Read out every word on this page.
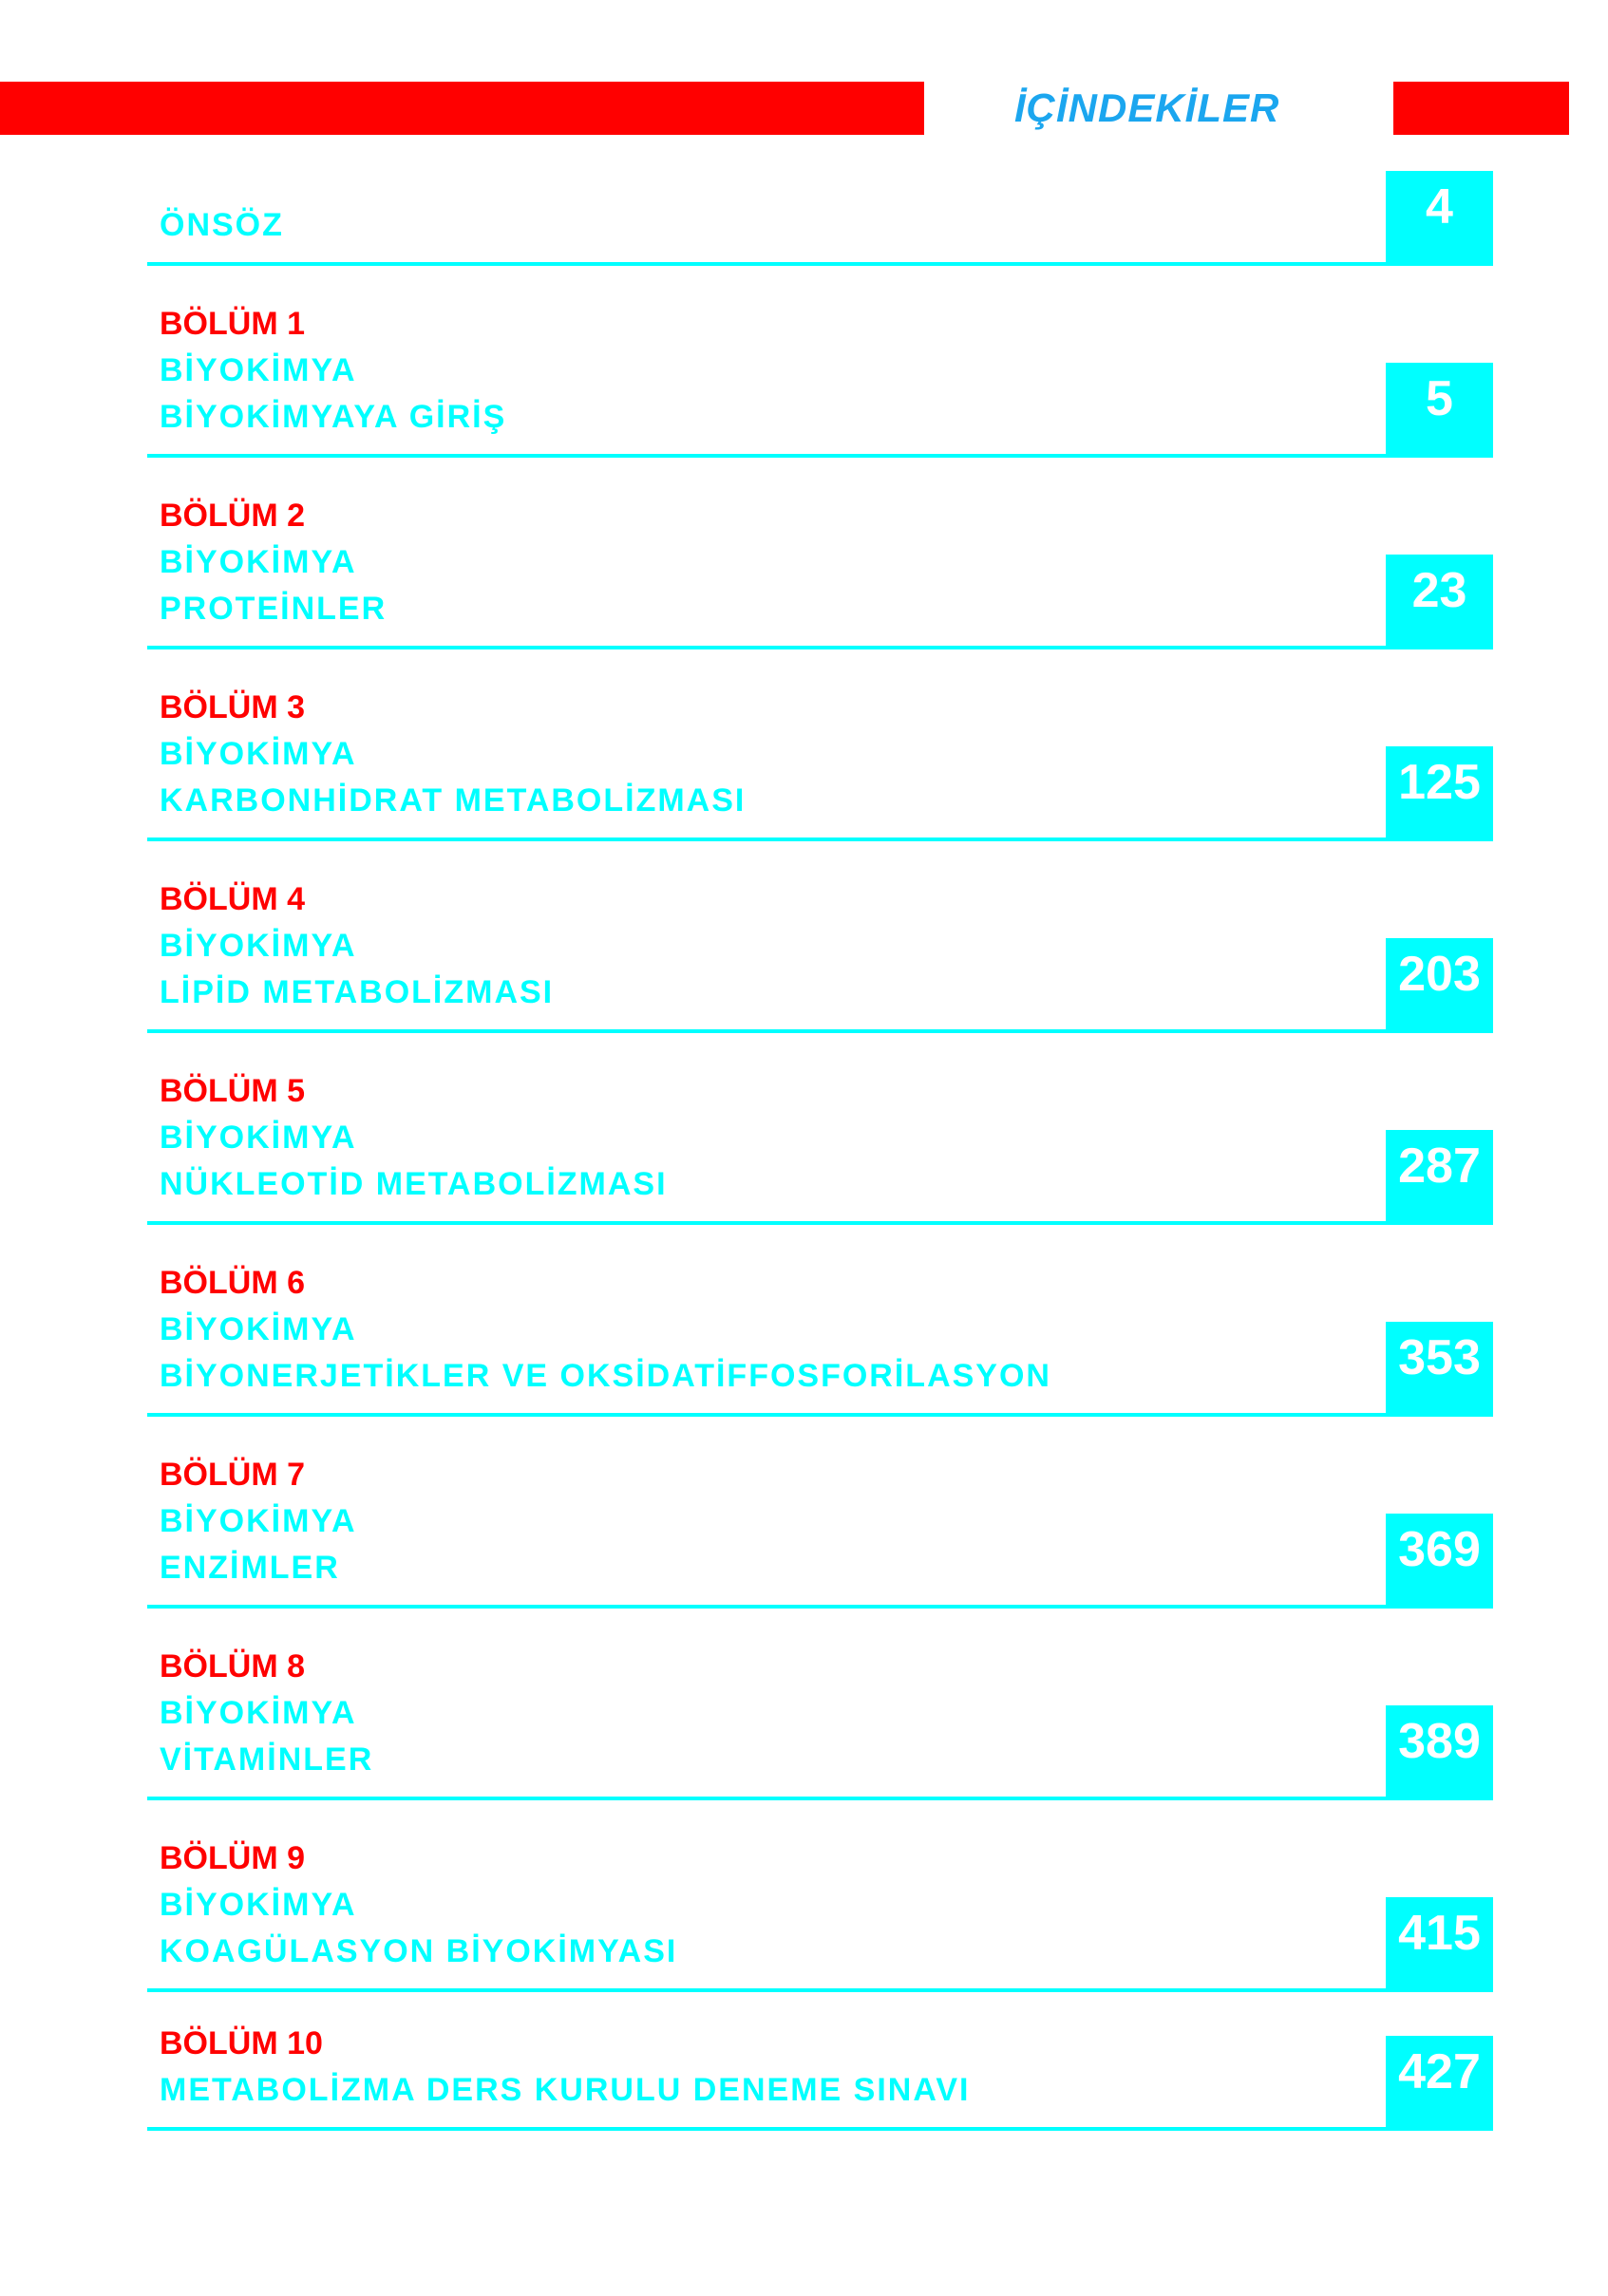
İÇİNDEKİLER
ÖNSÖZ	4
BÖLÜM 1
BİYOKİMYA
BİYOKİMYAYA GİRİŞ	5
BÖLÜM 2
BİYOKİMYA
PROTEİNLER	23
BÖLÜM 3
BİYOKİMYA
KARBONHİDRAT METABOLİZMASI	125
BÖLÜM 4
BİYOKİMYA
LİPİD METABOLİZMASI	203
BÖLÜM 5
BİYOKİMYA
NÜKLEOTİD METABOLİZMASI	287
BÖLÜM 6
BİYOKİMYA
BİYONERJETİKLER VE OKSİDATİFFOSFORİLASYON	353
BÖLÜM 7
BİYOKİMYA
ENZİMLER	369
BÖLÜM 8
BİYOKİMYA
VİTAMİNLER	389
BÖLÜM 9
BİYOKİMYA
KOAGÜLASYON BİYOKİMYASI	415
BÖLÜM 10
METABOLİZMA DERS KURULU DENEME SINAVI	427
